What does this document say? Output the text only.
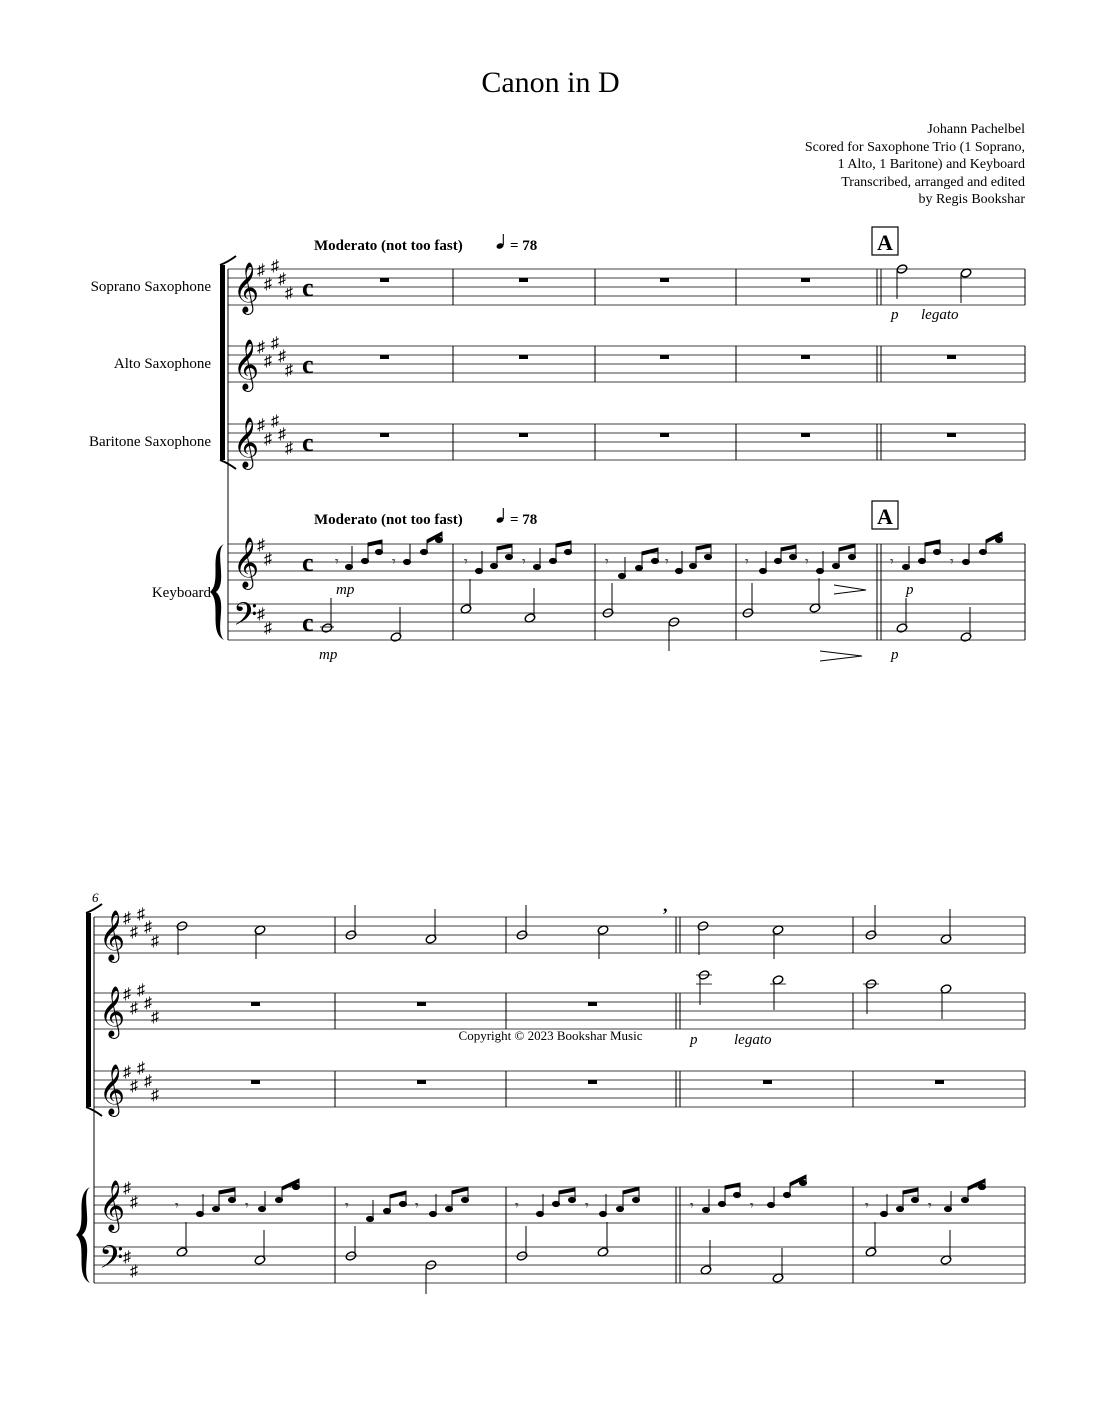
Canon in D
Johann Pachelbel
Scored for Saxophone Trio (1 Soprano,
1 Alto, 1 Baritone) and Keyboard
Transcribed, arranged and edited
by Regis Bookshar
Moderato (not too fast)	= 78
Moderato (not too fast)	= 78
A
A
Soprano Saxophone
Alto Saxophone
Baritone Saxophone
Keyboard
𝄞
𝄞
𝄞
𝄞
𝄢
♯
♯
♯
♯
♯
♯
♯
♯
♯
♯
♯
♯
♯
♯
♯
♯
♯
♯
♯
c
c
c
c
c
p legato
𝄾	𝄾	𝄾	𝄾	𝄾	𝄾	𝄾	𝄾	𝄾	𝄾
mp
mp
p
p
6
𝄞
𝄞
𝄞
𝄞
𝄢
♯
♯
♯
♯
♯
♯
♯
♯
♯
♯
♯
♯
♯
♯
♯
♯
♯
♯
♯
,
p legato
𝄾	𝄾	𝄾	𝄾	𝄾	𝄾	𝄾	𝄾	𝄾	𝄾
Copyright © 2023 Bookshar Music
